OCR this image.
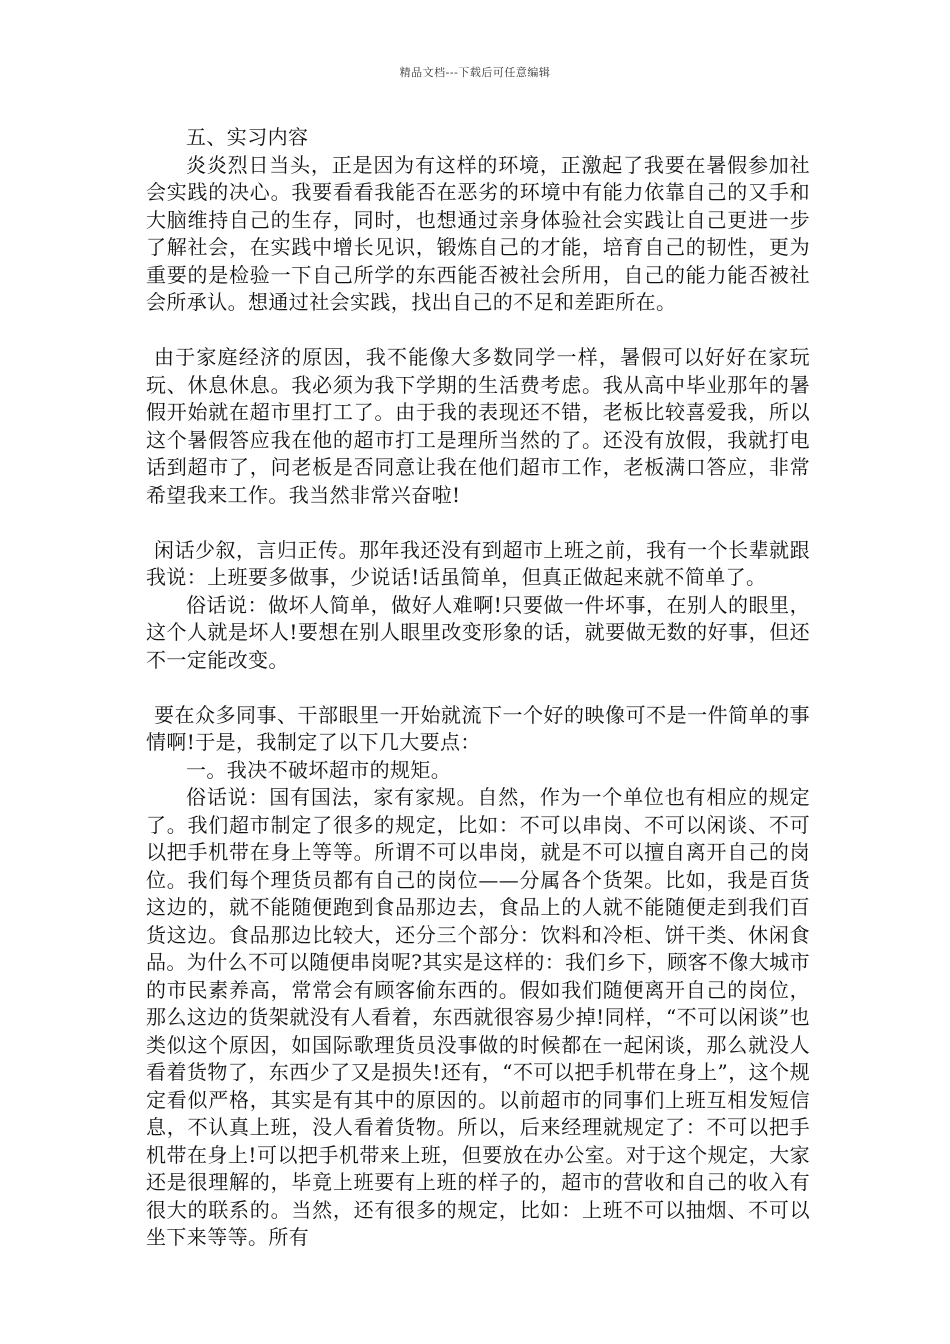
精品文档---下载后可任意编辑

五、实习内容

炎炎烈日当头，正是因为有这样的环境，正激起了我要在暑假参加社会实践的决心。我要看看我能否在恶劣的环境中有能力依靠自己的又手和大脑维持自己的生存，同时，也想通过亲身体验社会实践让自己更进一步了解社会，在实践中增长见识，锻炼自己的才能，培育自己的韧性，更为重要的是检验一下自己所学的东西能否被社会所用，自己的能力能否被社会所承认。想通过社会实践，找出自己的不足和差距所在。

由于家庭经济的原因，我不能像大多数同学一样，暑假可以好好在家玩玩、休息休息。我必须为我下学期的生活费考虑。我从高中毕业那年的暑假开始就在超市里打工了。由于我的表现还不错，老板比较喜爱我，所以这个暑假答应我在他的超市打工是理所当然的了。还没有放假，我就打电话到超市了，问老板是否同意让我在他们超市工作，老板满口答应，非常希望我来工作。我当然非常兴奋啦!

闲话少叙，言归正传。那年我还没有到超市上班之前，我有一个长辈就跟我说：上班要多做事，少说话!话虽简单，但真正做起来就不简单了。

俗话说：做坏人简单，做好人难啊!只要做一件坏事，在别人的眼里，这个人就是坏人!要想在别人眼里改变形象的话，就要做无数的好事，但还不一定能改变。

要在众多同事、干部眼里一开始就流下一个好的映像可不是一件简单的事情啊!于是，我制定了以下几大要点：

一。我决不破坏超市的规矩。

俗话说：国有国法，家有家规。自然，作为一个单位也有相应的规定了。我们超市制定了很多的规定，比如：不可以串岗、不可以闲谈、不可以把手机带在身上等等。所谓不可以串岗，就是不可以擅自离开自己的岗位。我们每个理货员都有自己的岗位——分属各个货架。比如，我是百货这边的，就不能随便跑到食品那边去，食品上的人就不能随便走到我们百货这边。食品那边比较大，还分三个部分：饮料和冷柜、饼干类、休闲食品。为什么不可以随便串岗呢?其实是这样的：我们乡下，顾客不像大城市的市民素养高，常常会有顾客偷东西的。假如我们随便离开自己的岗位，那么这边的货架就没有人看着，东西就很容易少掉!同样，“不可以闲谈”也类似这个原因，如国际歌理货员没事做的时候都在一起闲谈，那么就没人看着货物了，东西少了又是损失!还有，“不可以把手机带在身上”，这个规定看似严格，其实是有其中的原因的。以前超市的同事们上班互相发短信息，不认真上班，没人看着货物。所以，后来经理就规定了：不可以把手机带在身上!可以把手机带来上班，但要放在办公室。对于这个规定，大家还是很理解的，毕竟上班要有上班的样子的，超市的营收和自己的收入有很大的联系的。当然，还有很多的规定，比如：上班不可以抽烟、不可以坐下来等等。所有
